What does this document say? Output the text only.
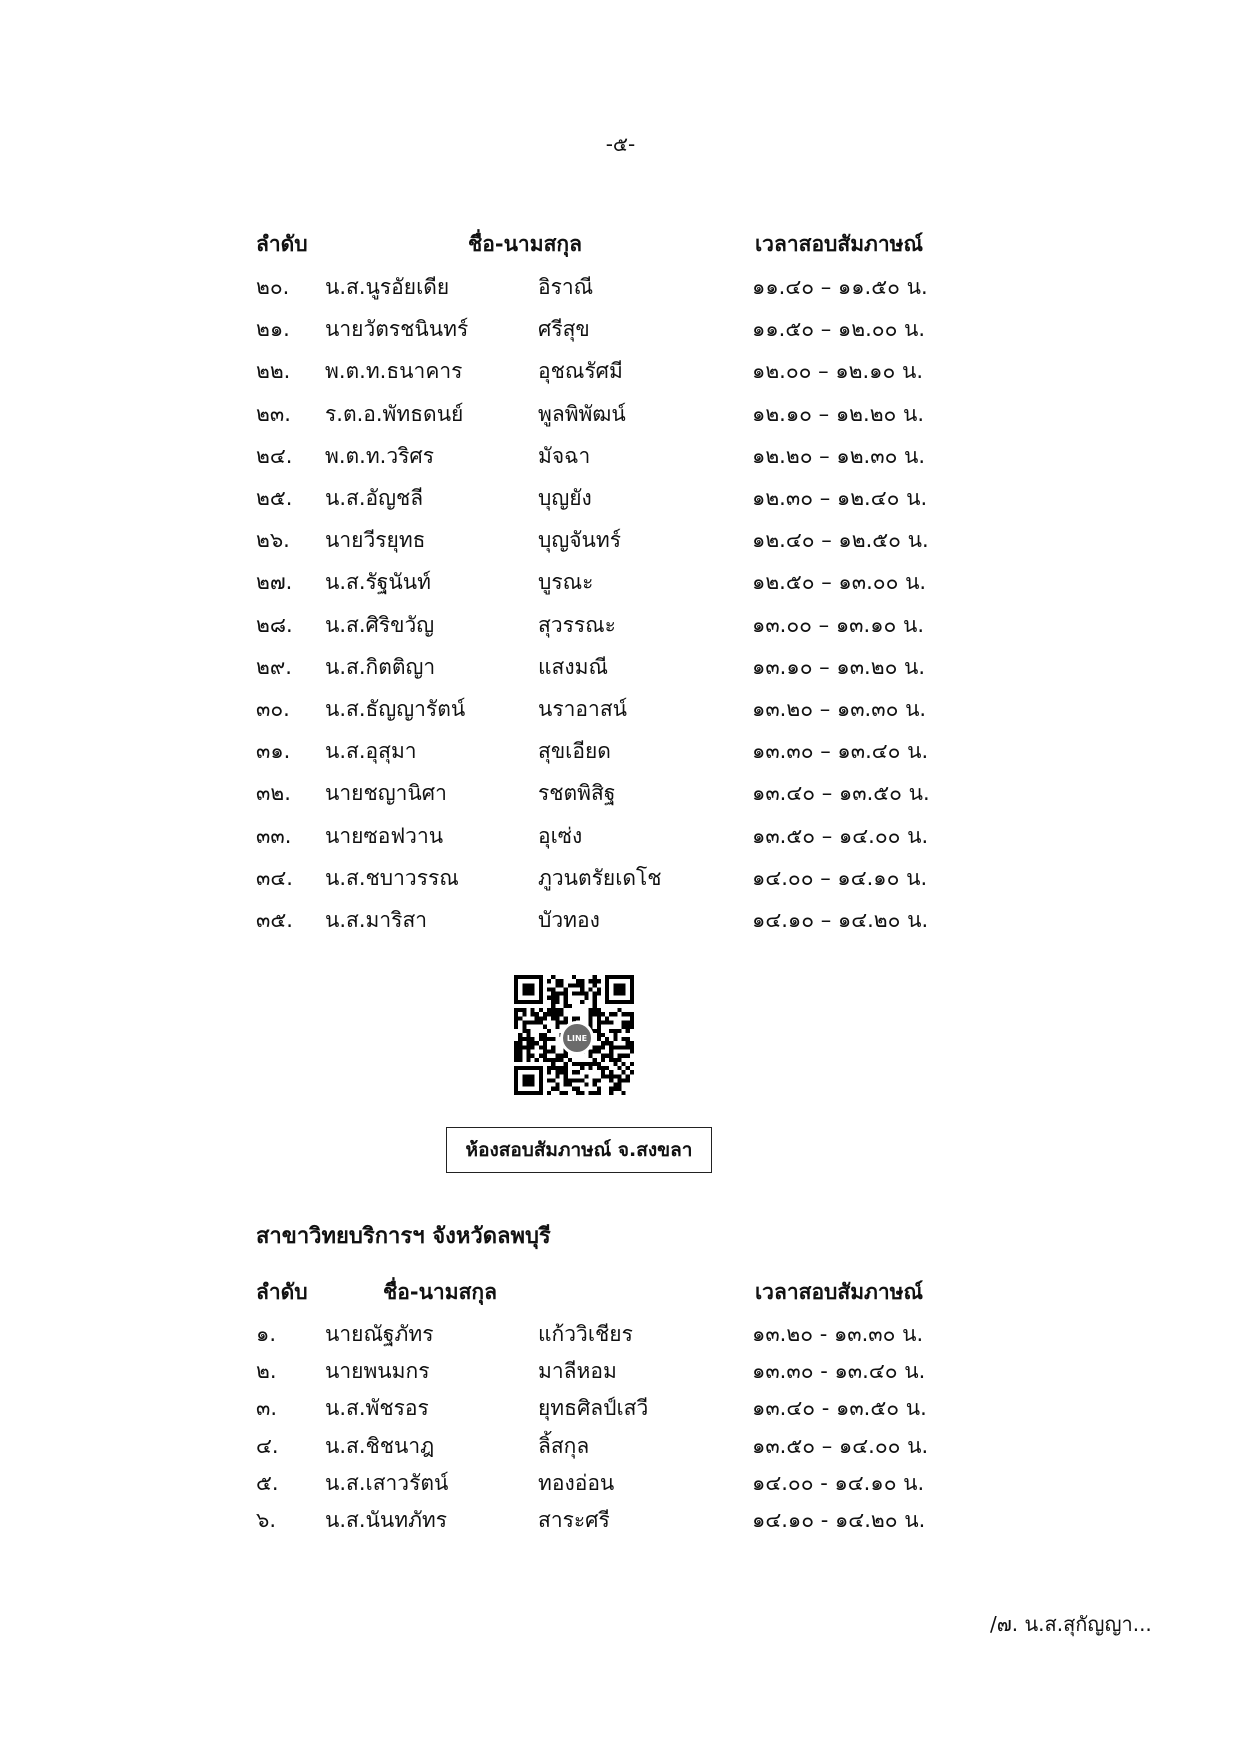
-๕-
ลำดับ	ชื่อ-นามสกุล	เวลาสอบสัมภาษณ์
๒๐. น.ส.นูรอัยเดีย	อิราณี	๑๑.๔๐ – ๑๑.๕๐ น.
๒๑. นายวัตรชนินทร์	ศรีสุข	๑๑.๕๐ – ๑๒.๐๐ น.
๒๒. พ.ต.ท.ธนาคาร	อุชณรัศมี	๑๒.๐๐ – ๑๒.๑๐ น.
๒๓. ร.ต.อ.พัทธดนย์	พูลพิพัฒน์	๑๒.๑๐ – ๑๒.๒๐ น.
๒๔. พ.ต.ท.วริศร	มัจฉา	๑๒.๒๐ – ๑๒.๓๐ น.
๒๕. น.ส.อัญชลี	บุญยัง	๑๒.๓๐ – ๑๒.๔๐ น.
๒๖. นายวีรยุทธ	บุญจันทร์	๑๒.๔๐ – ๑๒.๕๐ น.
๒๗. น.ส.รัฐนันท์	บูรณะ	๑๒.๕๐ – ๑๓.๐๐ น.
๒๘. น.ส.ศิริขวัญ	สุวรรณะ	๑๓.๐๐ – ๑๓.๑๐ น.
๒๙. น.ส.กิตติญา	แสงมณี	๑๓.๑๐ – ๑๓.๒๐ น.
๓๐. น.ส.ธัญญารัตน์	นราอาสน์	๑๓.๒๐ – ๑๓.๓๐ น.
๓๑. น.ส.อุสุมา	สุขเอียด	๑๓.๓๐ – ๑๓.๔๐ น.
๓๒. นายชญานิศา	รชตพิสิฐ	๑๓.๔๐ – ๑๓.๕๐ น.
๓๓. นายซอฟวาน	อุเซ่ง	๑๓.๕๐ – ๑๔.๐๐ น.
๓๔. น.ส.ชบาวรรณ	ภูวนตรัยเดโช	๑๔.๐๐ – ๑๔.๑๐ น.
๓๕. น.ส.มาริสา	บัวทอง	๑๔.๑๐ – ๑๔.๒๐ น.
LINE
ห้องสอบสัมภาษณ์ จ.สงขลา
สาขาวิทยบริการฯ จังหวัดลพบุรี
ลำดับ	ชื่อ-นามสกุล	เวลาสอบสัมภาษณ์
๑. นายณัฐภัทร	แก้ววิเชียร	๑๓.๒๐ - ๑๓.๓๐ น.
๒. นายพนมกร	มาลีหอม	๑๓.๓๐ - ๑๓.๔๐ น.
๓. น.ส.พัชรอร	ยุทธศิลป์เสวี	๑๓.๔๐ - ๑๓.๕๐ น.
๔. น.ส.ชิชนาฎ	ลิ้สกุล	๑๓.๕๐ – ๑๔.๐๐ น.
๕. น.ส.เสาวรัตน์	ทองอ่อน	๑๔.๐๐ - ๑๔.๑๐ น.
๖. น.ส.นันทภัทร	สาระศรี	๑๔.๑๐ - ๑๔.๒๐ น.
/๗. น.ส.สุกัญญา...
